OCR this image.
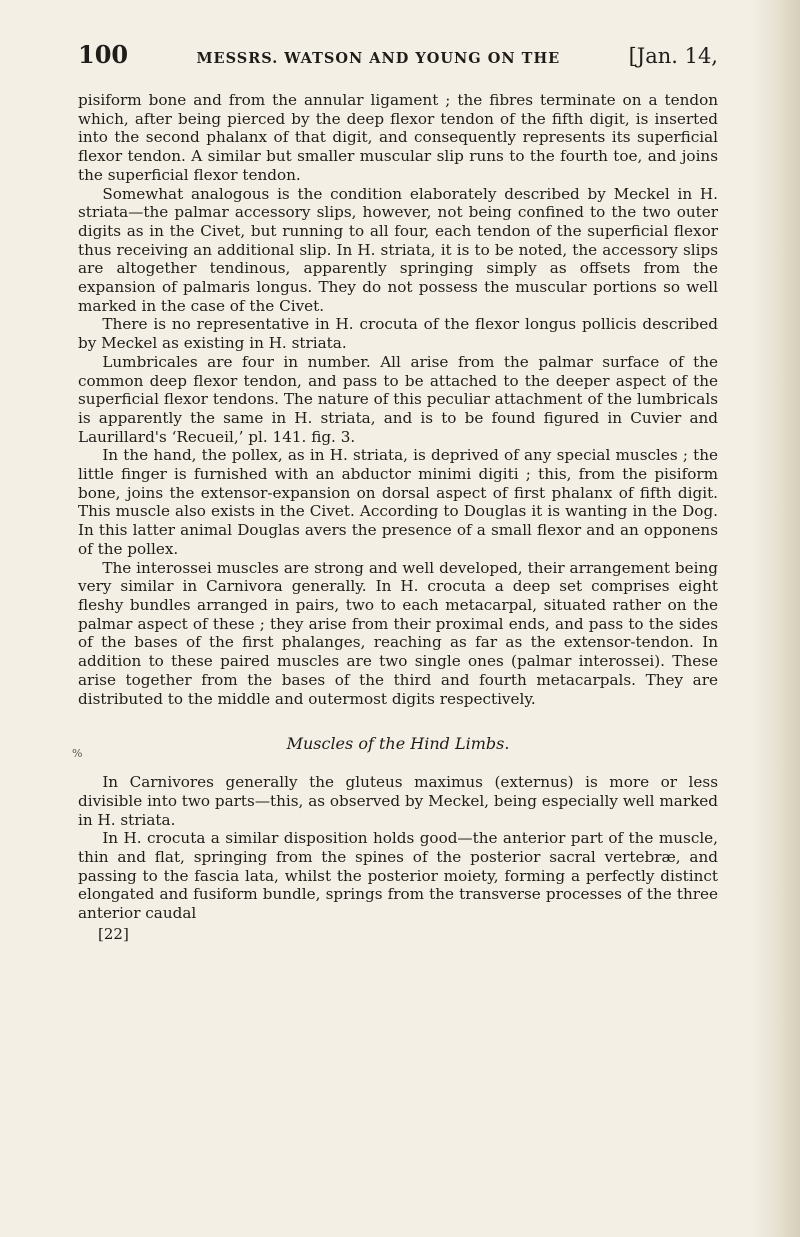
%
100	MESSRS. WATSON AND YOUNG ON THE	[Jan. 14,

pisiform bone and from the annular ligament ; the fibres terminate on a tendon which, after being pierced by the deep flexor tendon of the fifth digit, is inserted into the second phalanx of that digit, and consequently represents its superficial flexor tendon. A similar but smaller muscular slip runs to the fourth toe, and joins the superficial flexor tendon.

Somewhat analogous is the condition elaborately described by Meckel in H. striata—the palmar accessory slips, however, not being confined to the two outer digits as in the Civet, but running to all four, each tendon of the superficial flexor thus receiving an additional slip. In H. striata, it is to be noted, the accessory slips are altogether tendinous, apparently springing simply as offsets from the expansion of palmaris longus. They do not possess the muscular portions so well marked in the case of the Civet.

There is no representative in H. crocuta of the flexor longus pollicis described by Meckel as existing in H. striata.

Lumbricales are four in number. All arise from the palmar surface of the common deep flexor tendon, and pass to be attached to the deeper aspect of the superficial flexor tendons. The nature of this peculiar attachment of the lumbricals is apparently the same in H. striata, and is to be found figured in Cuvier and Laurillard's ‘Recueil,’ pl. 141. fig. 3.

In the hand, the pollex, as in H. striata, is deprived of any special muscles ; the little finger is furnished with an abductor minimi digiti ; this, from the pisiform bone, joins the extensor-expansion on dorsal aspect of first phalanx of fifth digit. This muscle also exists in the Civet. According to Douglas it is wanting in the Dog. In this latter animal Douglas avers the presence of a small flexor and an opponens of the pollex.

The interossei muscles are strong and well developed, their arrangement being very similar in Carnivora generally. In H. crocuta a deep set comprises eight fleshy bundles arranged in pairs, two to each metacarpal, situated rather on the palmar aspect of these ; they arise from their proximal ends, and pass to the sides of the bases of the first phalanges, reaching as far as the extensor-tendon. In addition to these paired muscles are two single ones (palmar interossei). These arise together from the bases of the third and fourth metacarpals. They are distributed to the middle and outermost digits respectively.

Muscles of the Hind Limbs.

In Carnivores generally the gluteus maximus (externus) is more or less divisible into two parts—this, as observed by Meckel, being especially well marked in H. striata.

In H. crocuta a similar disposition holds good—the anterior part of the muscle, thin and flat, springing from the spines of the posterior sacral vertebræ, and passing to the fascia lata, whilst the posterior moiety, forming a perfectly distinct elongated and fusiform bundle, springs from the transverse processes of the three anterior caudal

[22]
